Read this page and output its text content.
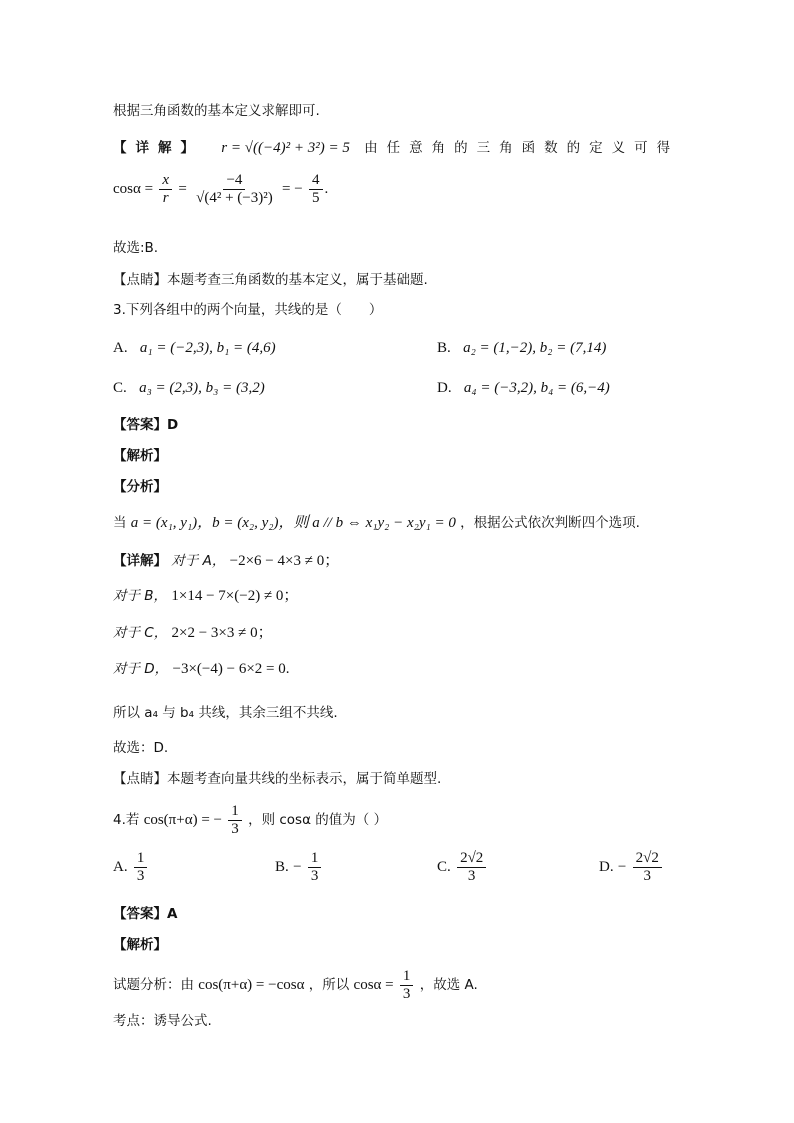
根据三角函数的基本定义求解即可.
【详解】 r = √((−4)² + 3²) = 5 由任意角的三角函数的定义可得
$\cos\alpha = \frac{x}{r} = \frac{-4}{\text{√(4² + (−3)²)}}$ = − $\frac{4}{5}$ .
故选:B.
【点睛】本题考查三角函数的基本定义，属于基础题.
3.下列各组中的两个向量，共线的是（　　）
A. a₁ = (−2,3), b₁ = (4,6)	B. a₂ = (1,−2), b₂ = (7,14)
C. a₃ = (2,3), b₃ = (3,2)	D. a₄ = (−3,2), b₄ = (6,−4)
【答案】D
【解析】
【分析】
当 a = (x₁, y₁)，b = (x₂, y₂)，则 a // b ⇔ x₁y₂ − x₂y₁ = 0 ，根据公式依次判断四个选项.
【详解】 对于 A， −2×6 − 4×3 ≠ 0；
对于 B， 1×14 − 7×(−2) ≠ 0；
对于 C， 2×2 − 3×3 ≠ 0；
对于 D， −3×(−4) − 6×2 = 0.
所以 a₄ 与 b₄ 共线，其余三组不共线.
故选：D.
【点睛】本题考查向量共线的坐标表示，属于简单题型.
4.若 cos(π+α) = − $\frac{1}{3}$ ，则 cosα 的值为（ ）
A. $\frac{1}{3}$	B. − $\frac{1}{3}$	C. $\frac{2√2}{3}$	D. − $\frac{2√2}{3}$
【答案】A
【解析】
试题分析：由 cos(π+α) = −cosα ，所以 $\cos\alpha = \frac{1}{3}$ ，故选 A.
考点：诱导公式.
